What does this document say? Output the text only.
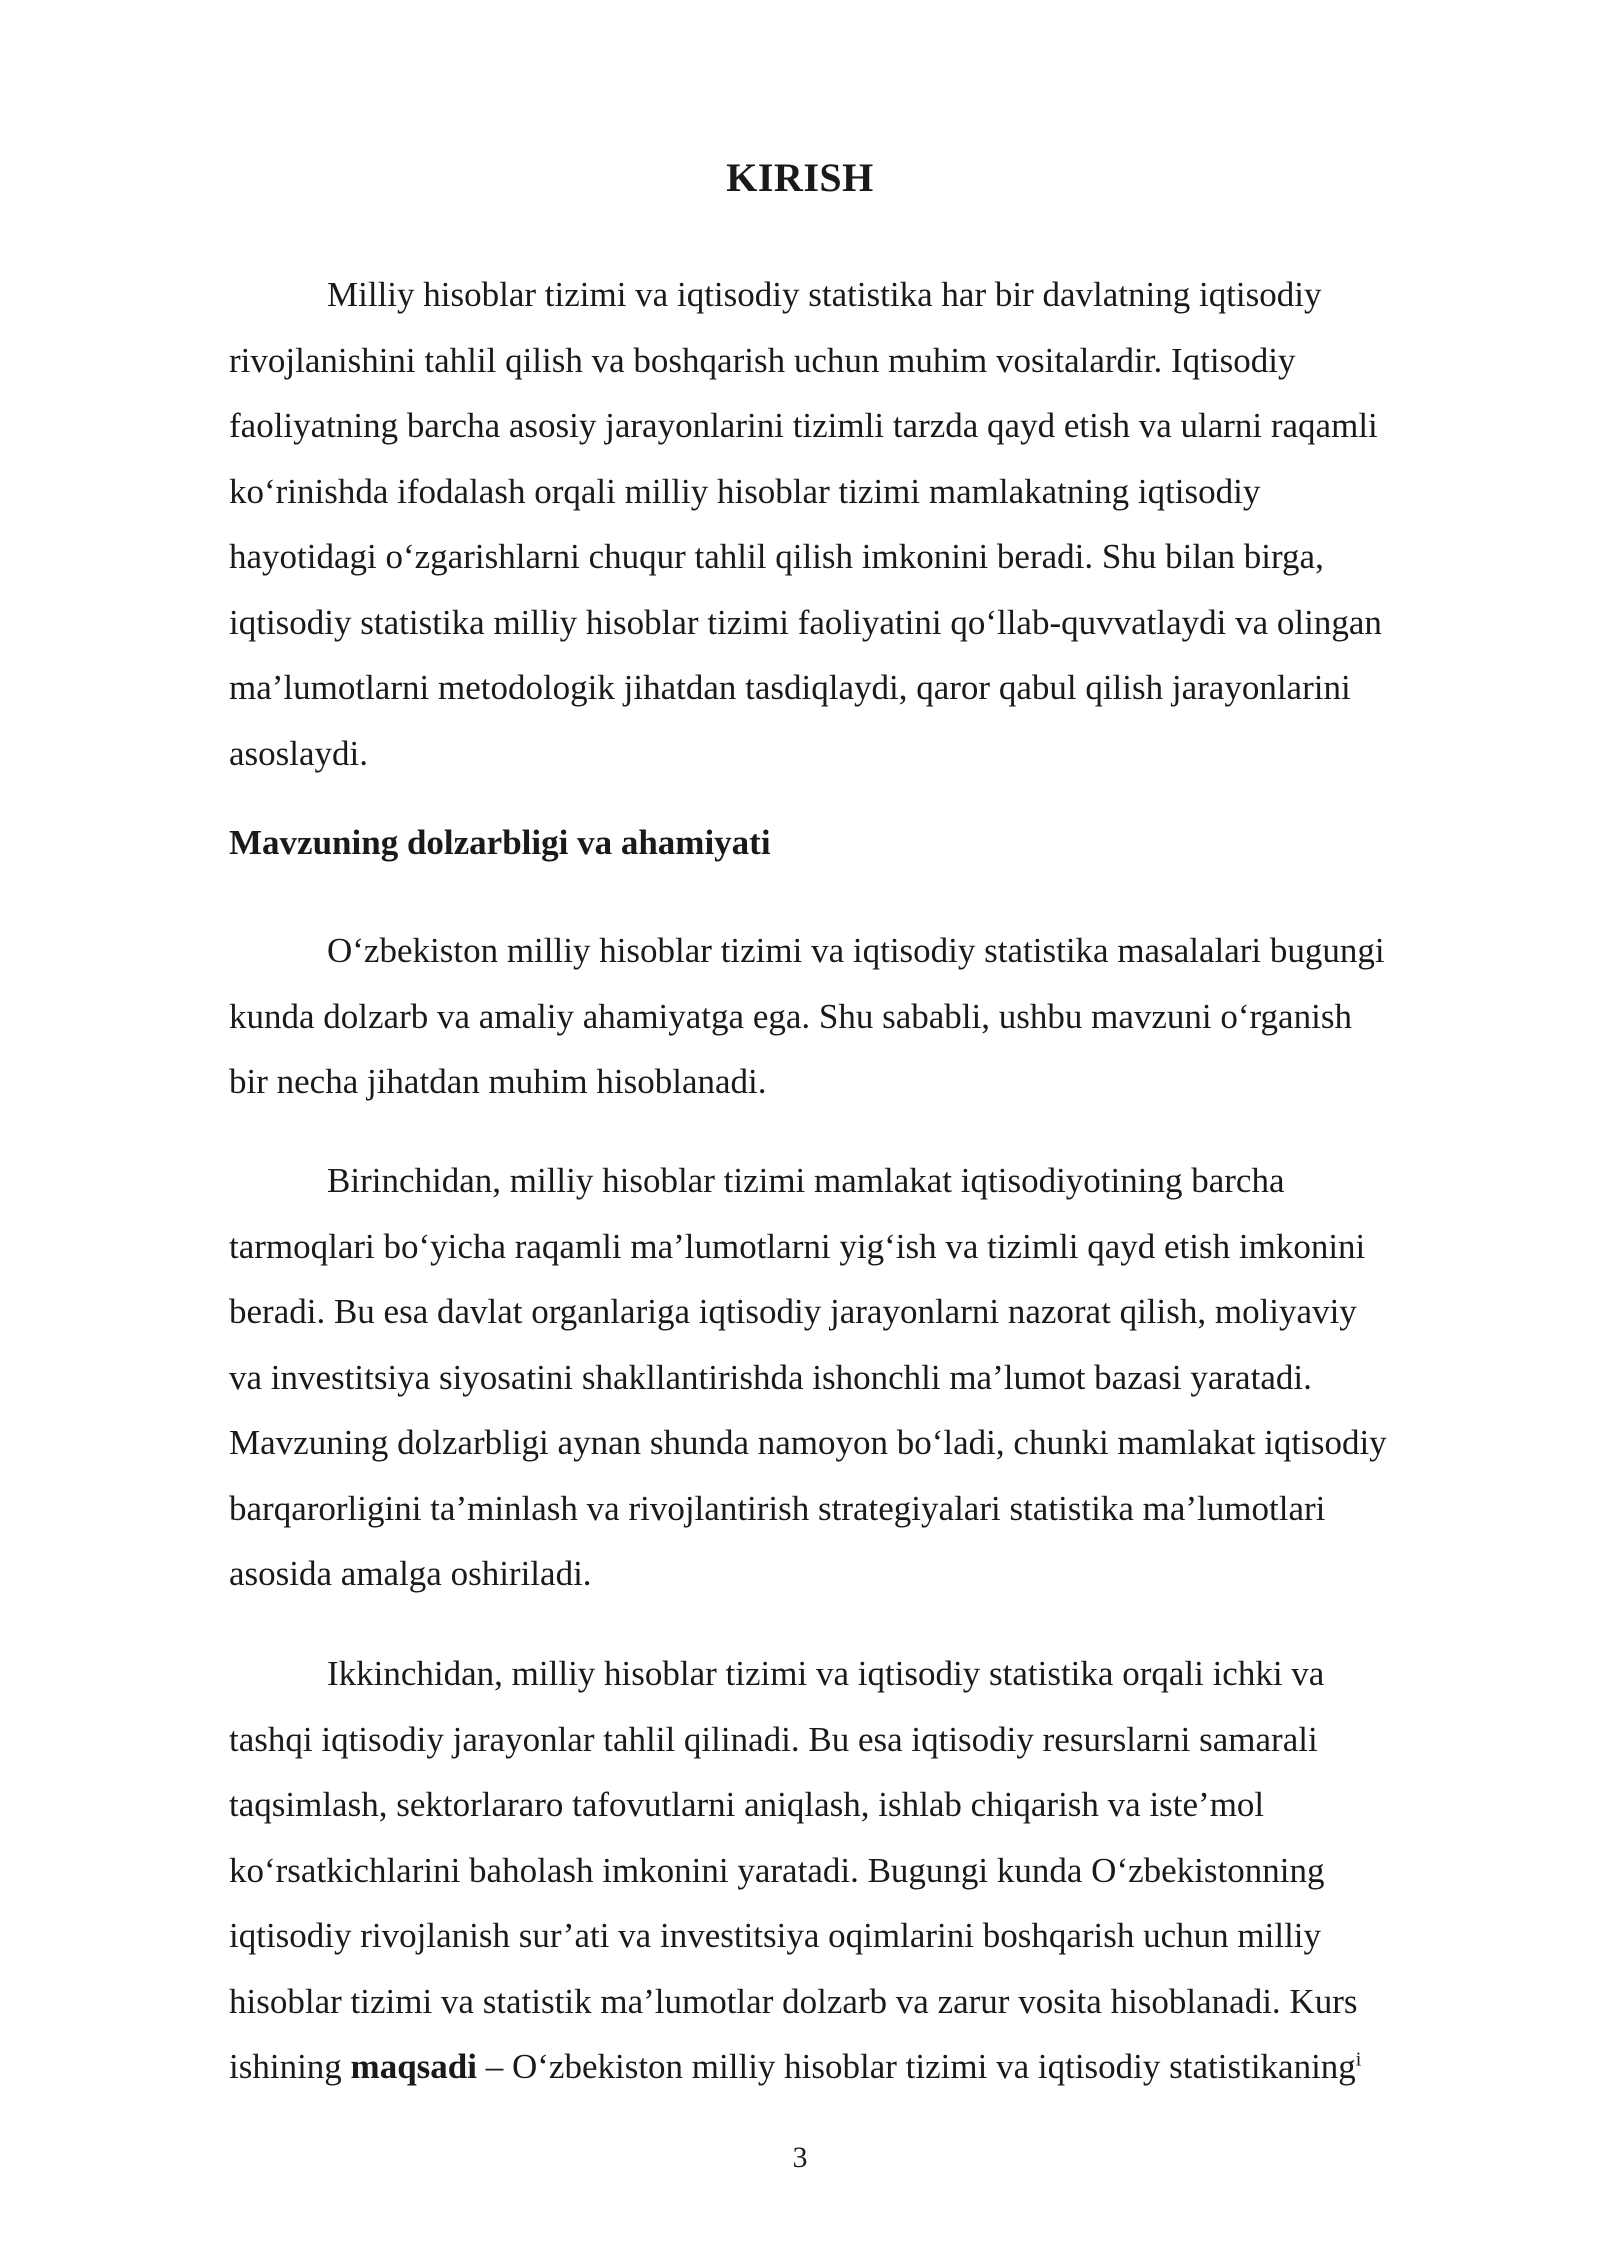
KIRISH
Milliy hisoblar tizimi va iqtisodiy statistika har bir davlatning iqtisodiy
rivojlanishini tahlil qilish va boshqarish uchun muhim vositalardir. Iqtisodiy
faoliyatning barcha asosiy jarayonlarini tizimli tarzda qayd etish va ularni raqamli
ko‘rinishda ifodalash orqali milliy hisoblar tizimi mamlakatning iqtisodiy
hayotidagi o‘zgarishlarni chuqur tahlil qilish imkonini beradi. Shu bilan birga,
iqtisodiy statistika milliy hisoblar tizimi faoliyatini qo‘llab-quvvatlaydi va olingan
ma’lumotlarni metodologik jihatdan tasdiqlaydi, qaror qabul qilish jarayonlarini
asoslaydi.
Mavzuning dolzarbligi va ahamiyati
O‘zbekiston milliy hisoblar tizimi va iqtisodiy statistika masalalari bugungi
kunda dolzarb va amaliy ahamiyatga ega. Shu sababli, ushbu mavzuni o‘rganish
bir necha jihatdan muhim hisoblanadi.
Birinchidan, milliy hisoblar tizimi mamlakat iqtisodiyotining barcha
tarmoqlari bo‘yicha raqamli ma’lumotlarni yig‘ish va tizimli qayd etish imkonini
beradi. Bu esa davlat organlariga iqtisodiy jarayonlarni nazorat qilish, moliyaviy
va investitsiya siyosatini shakllantirishda ishonchli ma’lumot bazasi yaratadi.
Mavzuning dolzarbligi aynan shunda namoyon bo‘ladi, chunki mamlakat iqtisodiy
barqarorligini ta’minlash va rivojlantirish strategiyalari statistika ma’lumotlari
asosida amalga oshiriladi.
Ikkinchidan, milliy hisoblar tizimi va iqtisodiy statistika orqali ichki va
tashqi iqtisodiy jarayonlar tahlil qilinadi. Bu esa iqtisodiy resurslarni samarali
taqsimlash, sektorlararo tafovutlarni aniqlash, ishlab chiqarish va iste’mol
ko‘rsatkichlarini baholash imkonini yaratadi. Bugungi kunda O‘zbekistonning
iqtisodiy rivojlanish sur’ati va investitsiya oqimlarini boshqarish uchun milliy
hisoblar tizimi va statistik ma’lumotlar dolzarb va zarur vosita hisoblanadi. Kurs
ishining maqsadi – O‘zbekiston milliy hisoblar tizimi va iqtisodiy statistikaning$^i$
3
